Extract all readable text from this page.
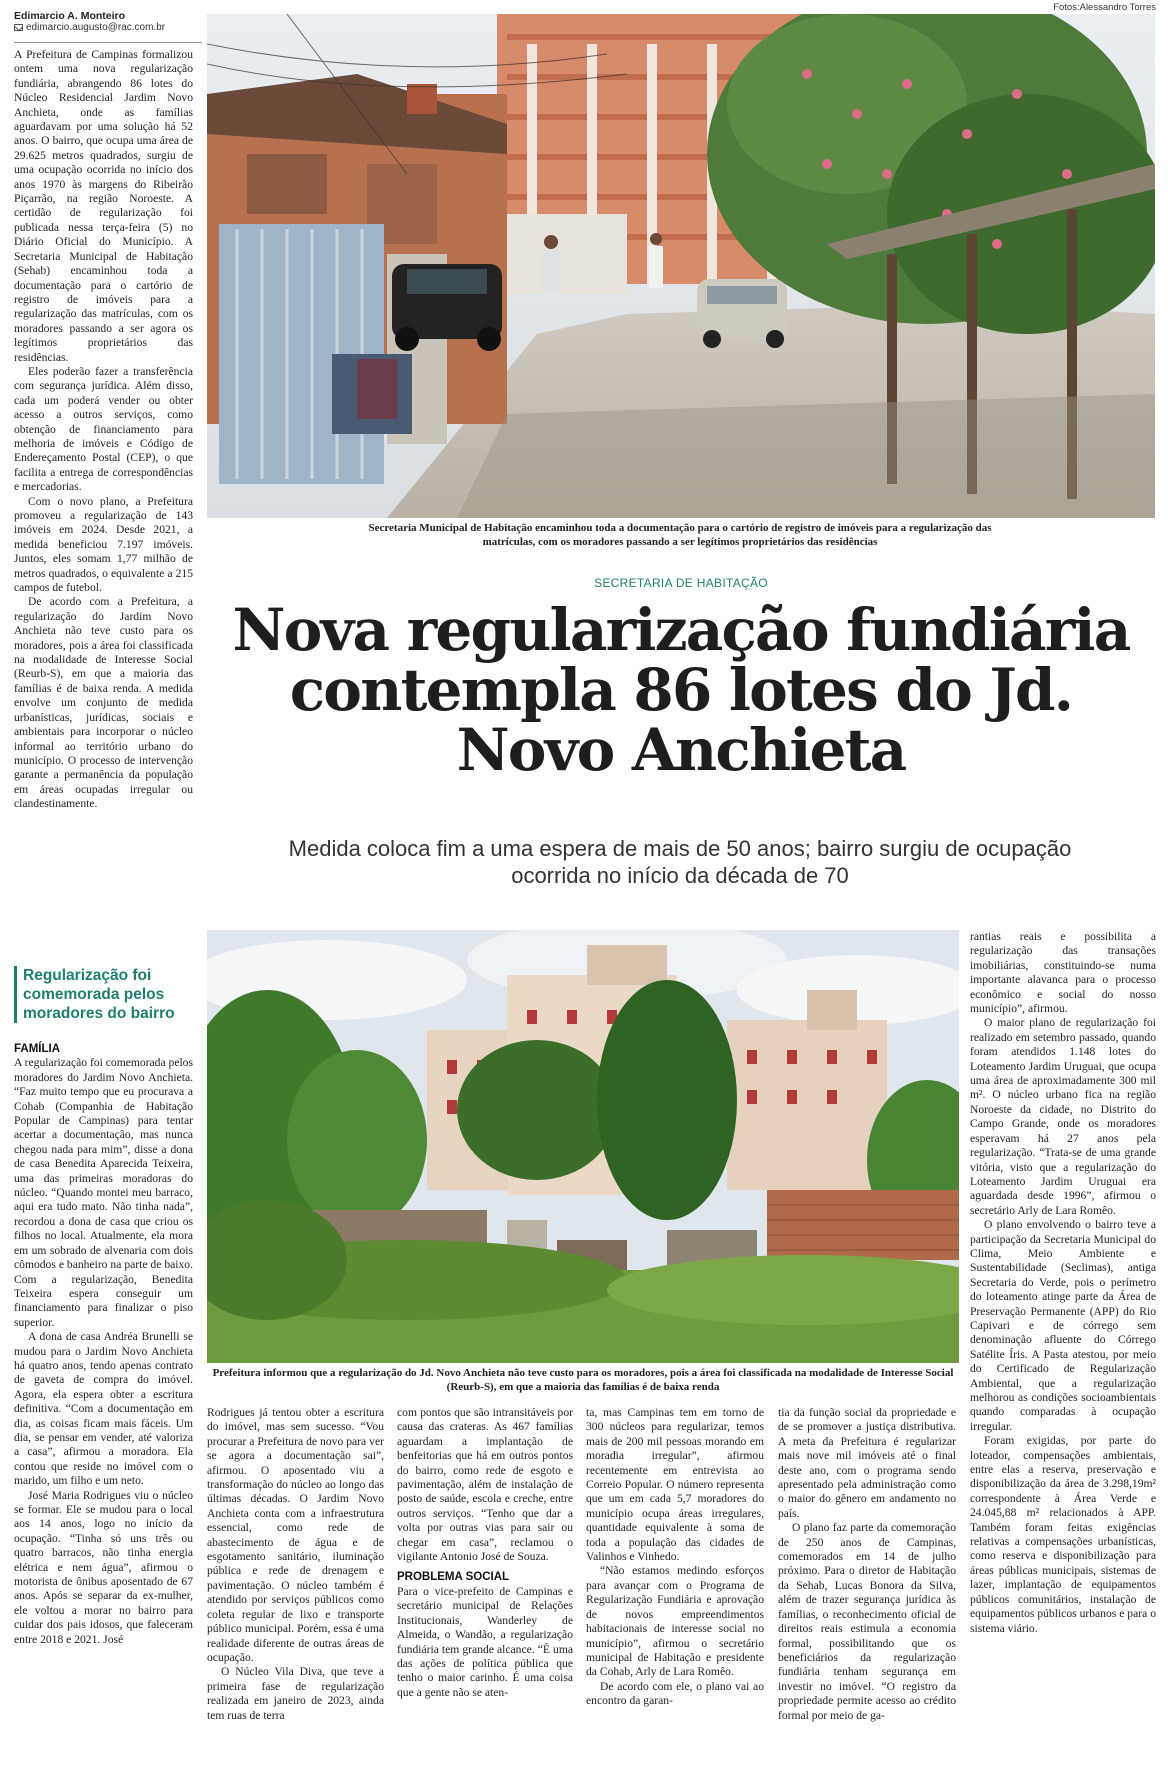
Edimarcio A. Monteiro
edimarcio.augusto@rac.com.br
Fotos:Alessandro Torres
Secretaria Municipal de Habitação encaminhou toda a documentação para o cartório de registro de imóveis para a regularização das matrículas, com os moradores passando a ser legítimos proprietários das residências
SECRETARIA DE HABITAÇÃO
Nova regularização fundiária contempla 86 lotes do Jd. Novo Anchieta
Medida coloca fim a uma espera de mais de 50 anos; bairro surgiu de ocupação ocorrida no início da década de 70
Prefeitura informou que a regularização do Jd. Novo Anchieta não teve custo para os moradores, pois a área foi classificada na modalidade de Interesse Social (Reurb-S), em que a maioria das famílias é de baixa renda

A Prefeitura de Campinas formalizou ontem uma nova regularização fundiária, abrangendo 86 lotes do Núcleo Residencial Jardim Novo Anchieta, onde as famílias aguardavam por uma solução há 52 anos. O bairro, que ocupa uma área de 29.625 metros quadrados, surgiu de uma ocupação ocorrida no início dos anos 1970 às margens do Ribeirão Piçarrão, na região Noroeste. A certidão de regularização foi publicada nessa terça-feira (5) no Diário Oficial do Município. A Secretaria Municipal de Habitação (Sehab) encaminhou toda a documentação para o cartório de registro de imóveis para a regularização das matrículas, com os moradores passando a ser agora os legítimos proprietários das residências.

Eles poderão fazer a transferência com segurança jurídica. Além disso, cada um poderá vender ou obter acesso a outros serviços, como obtenção de financiamento para melhoria de imóveis e Código de Endereçamento Postal (CEP), o que facilita a entrega de correspondências e mercadorias.

Com o novo plano, a Prefeitura promoveu a regularização de 143 imóveis em 2024. Desde 2021, a medida beneficiou 7.197 imóveis. Juntos, eles somam 1,77 milhão de metros quadrados, o equivalente a 215 campos de futebol.

De acordo com a Prefeitura, a regularização do Jardim Novo Anchieta não teve custo para os moradores, pois a área foi classificada na modalidade de Interesse Social (Reurb-S), em que a maioria das famílias é de baixa renda. A medida envolve um conjunto de medida urbanísticas, jurídicas, sociais e ambientais para incorporar o núcleo informal ao território urbano do município. O processo de intervenção garante a permanência da população em áreas ocupadas irregular ou clandestinamente.

Regularização foi comemorada pelos moradores do bairro
FAMÍLIA

A regularização foi comemorada pelos moradores do Jardim Novo Anchieta. “Faz muito tempo que eu procurava a Cohab (Companhia de Habitação Popular de Campinas) para tentar acertar a documentação, mas nunca chegou nada para mim”, disse a dona de casa Benedita Aparecida Teixeira, uma das primeiras moradoras do núcleo. “Quando montei meu barraco, aqui era tudo mato. Não tinha nada”, recordou a dona de casa que criou os filhos no local. Atualmente, ela mora em um sobrado de alvenaria com dois cômodos e banheiro na parte de baixo. Com a regularização, Benedita Teixeira espera conseguir um financiamento para finalizar o piso superior.

A dona de casa Andréa Brunelli se mudou para o Jardim Novo Anchieta há quatro anos, tendo apenas contrato de gaveta de compra do imóvel. Agora, ela espera obter a escritura definitiva. “Com a documentação em dia, as coisas ficam mais fáceis. Um dia, se pensar em vender, até valoriza a casa”, afirmou a moradora. Ela contou que reside no imóvel com o marido, um filho e um neto.

José Maria Rodrigues viu o núcleo se formar. Ele se mudou para o local aos 14 anos, logo no início da ocupação. “Tinha só uns três ou quatro barracos, não tinha energia elétrica e nem água”, afirmou o motorista de ônibus aposentado de 67 anos. Após se separar da ex-mulher, ele voltou a morar no bairro para cuidar dos pais idosos, que faleceram entre 2018 e 2021. José

Rodrigues já tentou obter a escritura do imóvel, mas sem sucesso. “Vou procurar a Prefeitura de novo para ver se agora a documentação sai”, afirmou. O aposentado viu a transformação do núcleo ao longo das últimas décadas. O Jardim Novo Anchieta conta com a infraestrutura essencial, como rede de abastecimento de água e de esgotamento sanitário, iluminação pública e rede de drenagem e pavimentação. O núcleo também é atendido por serviços públicos como coleta regular de lixo e transporte público municipal. Porém, essa é uma realidade diferente de outras áreas de ocupação.

O Núcleo Vila Diva, que teve a primeira fase de regularização realizada em janeiro de 2023, ainda tem ruas de terra

com pontos que são intransitáveis por causa das crateras. As 467 famílias aguardam a implantação de benfeitorias que há em outros pontos do bairro, como rede de esgoto e pavimentação, além de instalação de posto de saúde, escola e creche, entre outros serviços. “Tenho que dar a volta por outras vias para sair ou chegar em casa”, reclamou o vigilante Antonio José de Souza.

PROBLEMA SOCIAL

Para o vice-prefeito de Campinas e secretário municipal de Relações Institucionais, Wanderley de Almeida, o Wandão, a regularização fundiária tem grande alcance. “É uma das ações de política pública que tenho o maior carinho. É uma coisa que a gente não se aten-

ta, mas Campinas tem em torno de 300 núcleos para regularizar, temos mais de 200 mil pessoas morando em moradia irregular”, afirmou recentemente em entrevista ao Correio Popular. O número representa que um em cada 5,7 moradores do município ocupa áreas irregulares, quantidade equivalente à soma de toda a população das cidades de Valinhos e Vinhedo.

“Não estamos medindo esforços para avançar com o Programa de Regularização Fundiária e aprovação de novos empreendimentos habitacionais de interesse social no município”, afirmou o secretário municipal de Habitação e presidente da Cohab, Arly de Lara Romêo.

De acordo com ele, o plano vai ao encontro da garan-

tia da função social da propriedade e de se promover a justiça distributiva. A meta da Prefeitura é regularizar mais nove mil imóveis até o final deste ano, com o programa sendo apresentado pela administração como o maior do gênero em andamento no país.

O plano faz parte da comemoração de 250 anos de Campinas, comemorados em 14 de julho próximo. Para o diretor de Habitação da Sehab, Lucas Bonora da Silva, além de trazer segurança jurídica às famílias, o reconhecimento oficial de direitos reais estimula a economia formal, possibilitando que os beneficiários da regularização fundiária tenham segurança em investir no imóvel. “O registro da propriedade permite acesso ao crédito formal por meio de ga-

rantias reais e possibilita a regularização das transações imobiliárias, constituindo-se numa importante alavanca para o processo econômico e social do nosso município”, afirmou.

O maior plano de regularização foi realizado em setembro passado, quando foram atendidos 1.148 lotes do Loteamento Jardim Uruguai, que ocupa uma área de aproximadamente 300 mil m². O núcleo urbano fica na região Noroeste da cidade, no Distrito do Campo Grande, onde os moradores esperavam há 27 anos pela regularização. “Trata-se de uma grande vitória, visto que a regularização do Loteamento Jardim Uruguai era aguardada desde 1996”, afirmou o secretário Arly de Lara Romêo.

O plano envolvendo o bairro teve a participação da Secretaria Municipal do Clima, Meio Ambiente e Sustentabilidade (Seclimas), antiga Secretaria do Verde, pois o perímetro do loteamento atinge parte da Área de Preservação Permanente (APP) do Rio Capivari e de córrego sem denominação afluente do Córrego Satélite Íris. A Pasta atestou, por meio do Certificado de Regularização Ambiental, que a regularização melhorou as condições socioambientais quando comparadas à ocupação irregular.

Foram exigidas, por parte do loteador, compensações ambientais, entre elas a reserva, preservação e disponibilização da área de 3.298,19m² correspondente à Área Verde e 24.045,88 m² relacionados à APP. Também foram feitas exigências relativas a compensações urbanísticas, como reserva e disponibilização para áreas públicas municipais, sistemas de lazer, implantação de equipamentos públicos comunitários, instalação de equipamentos públicos urbanos e para o sistema viário.
